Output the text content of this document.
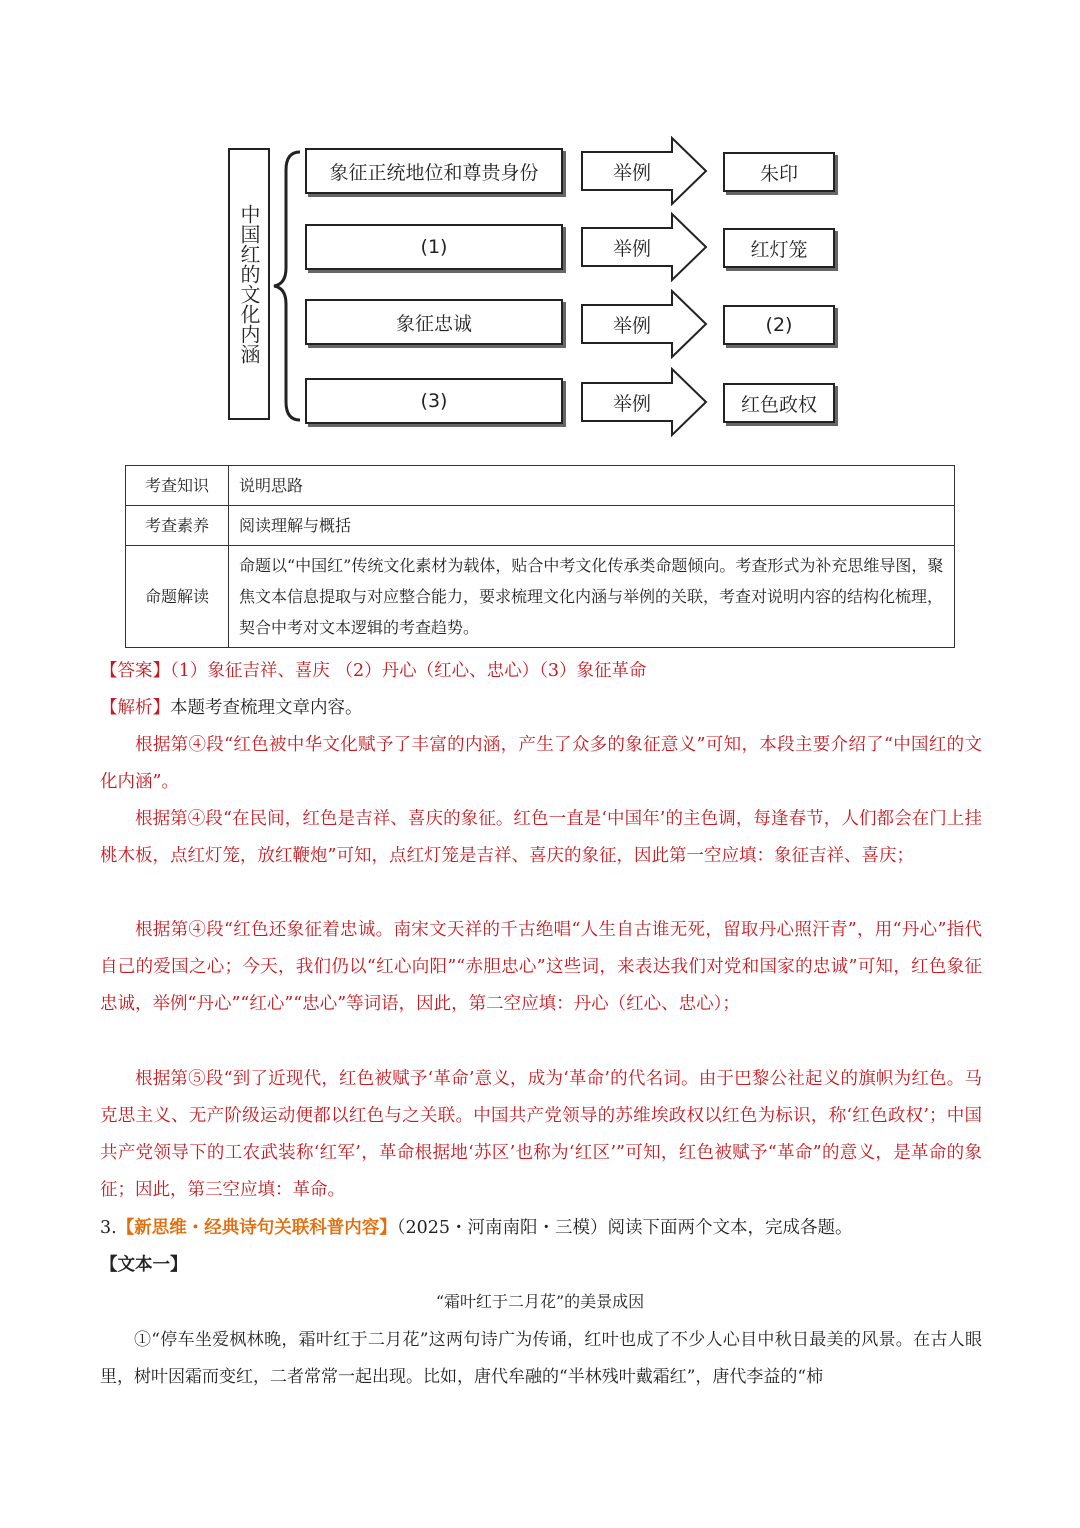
中国红的文化内涵
象征正统地位和尊贵身份	举例	朱印
(1)	举例	红灯笼
象征忠诚	举例	(2)
(3)	举例	红色政权
考查知识	说明思路
考查素养	阅读理解与概括
命题解读	命题以“中国红”传统文化素材为载体，贴合中考文化传承类命题倾向。考查形式为补充思维导图，聚焦文本信息提取与对应整合能力，要求梳理文化内涵与举例的关联，考查对说明内容的结构化梳理，契合中考对文本逻辑的考查趋势。
【答案】（1）象征吉祥、喜庆 （2）丹心（红心、忠心）（3）象征革命
【解析】本题考查梳理文章内容。

根据第④段“红色被中华文化赋予了丰富的内涵，产生了众多的象征意义”可知，本段主要介绍了“中国红的文化内涵”。

根据第④段“在民间，红色是吉祥、喜庆的象征。红色一直是‘中国年’的主色调，每逢春节，人们都会在门上挂桃木板，点红灯笼，放红鞭炮”可知，点红灯笼是吉祥、喜庆的象征，因此第一空应填：象征吉祥、喜庆；

根据第④段“红色还象征着忠诚。南宋文天祥的千古绝唱“人生自古谁无死，留取丹心照汗青”，用“丹心”指代自己的爱国之心；今天，我们仍以“红心向阳”“赤胆忠心”这些词，来表达我们对党和国家的忠诚”可知，红色象征忠诚，举例“丹心”“红心”“忠心”等词语，因此，第二空应填：丹心（红心、忠心）；

根据第⑤段“到了近现代，红色被赋予‘革命’意义，成为‘革命’的代名词。由于巴黎公社起义的旗帜为红色。马克思主义、无产阶级运动便都以红色与之关联。中国共产党领导的苏维埃政权以红色为标识，称‘红色政权’；中国共产党领导下的工农武装称‘红军’，革命根据地‘苏区’也称为‘红区’”可知，红色被赋予“革命”的意义，是革命的象征；因此，第三空应填：革命。

3.【新思维・经典诗句关联科普内容】（2025・河南南阳・三模）阅读下面两个文本，完成各题。
【文本一】
“霜叶红于二月花”的美景成因

①“停车坐爱枫林晚，霜叶红于二月花”这两句诗广为传诵，红叶也成了不少人心目中秋日最美的风景。在古人眼里，树叶因霜而变红，二者常常一起出现。比如，唐代牟融的“半林残叶戴霜红”，唐代李益的“柿
